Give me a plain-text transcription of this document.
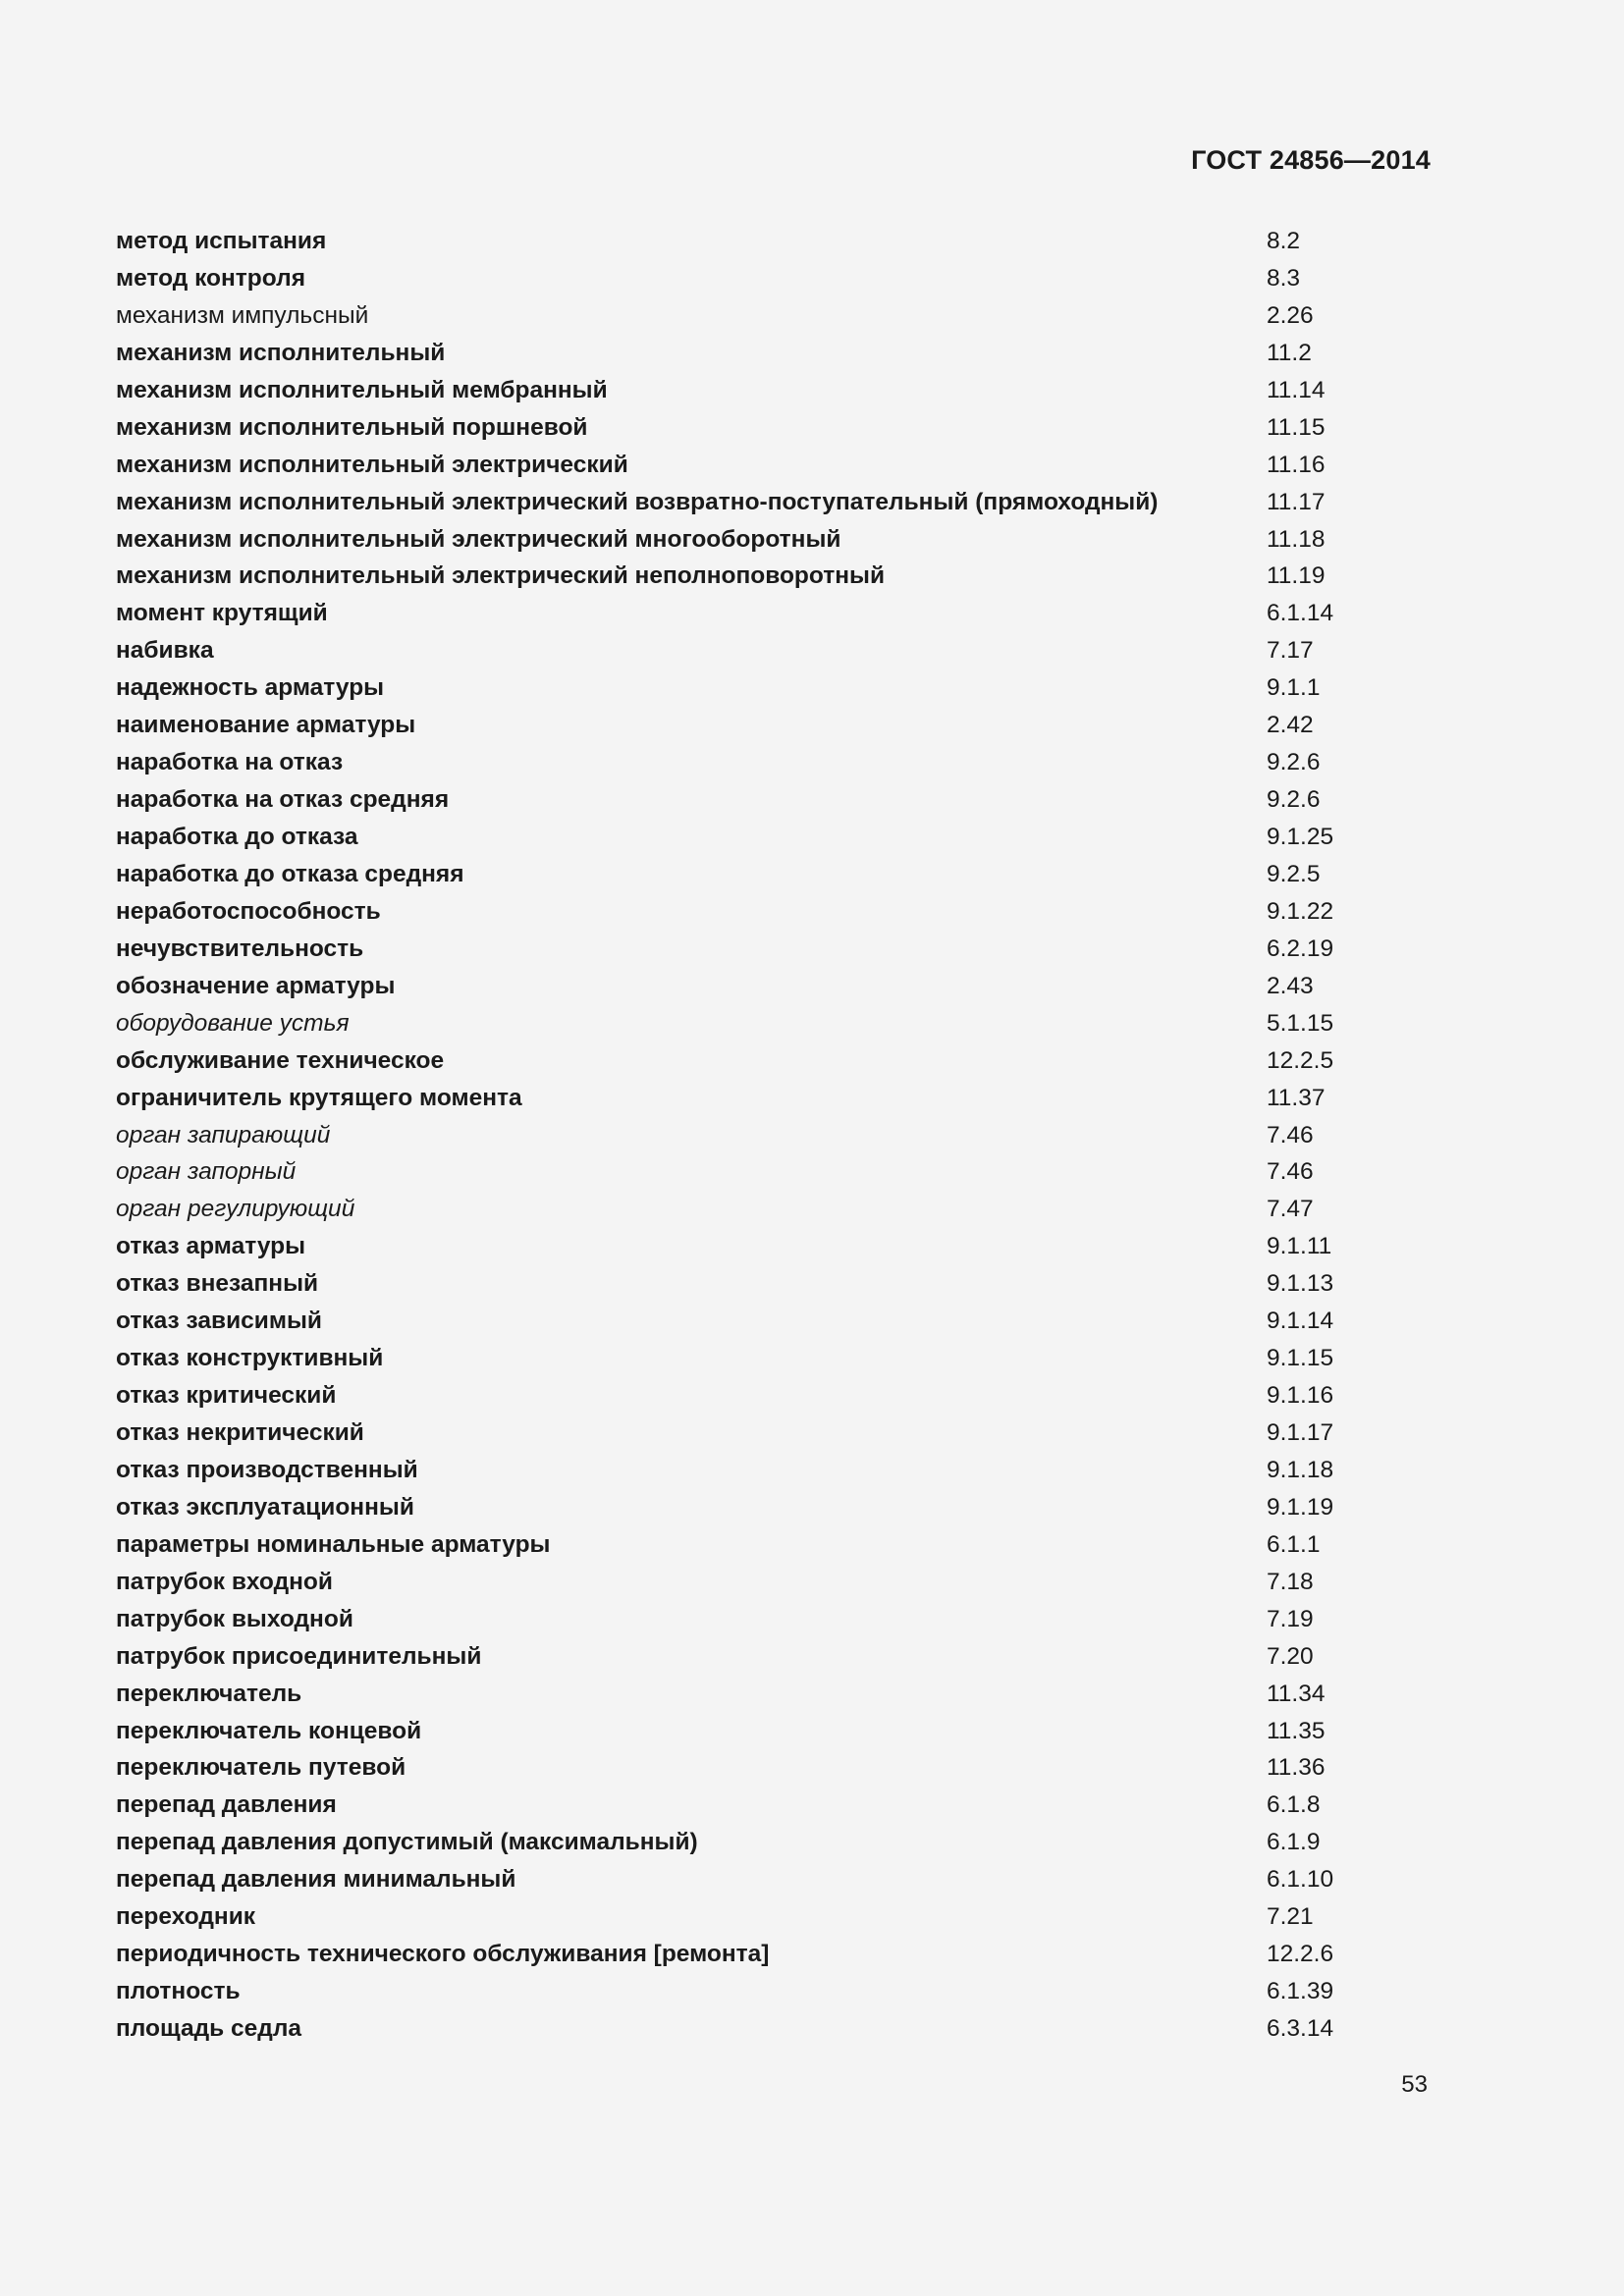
ГОСТ 24856—2014
метод испытания	8.2
метод контроля	8.3
механизм импульсный	2.26
механизм исполнительный	11.2
механизм исполнительный мембранный	11.14
механизм исполнительный поршневой	11.15
механизм исполнительный электрический	11.16
механизм исполнительный электрический возвратно-поступательный (прямоходный)	11.17
механизм исполнительный электрический многооборотный	11.18
механизм исполнительный электрический неполноповоротный	11.19
момент крутящий	6.1.14
набивка	7.17
надежность арматуры	9.1.1
наименование арматуры	2.42
наработка на отказ	9.2.6
наработка на отказ средняя	9.2.6
наработка до отказа	9.1.25
наработка до отказа средняя	9.2.5
неработоспособность	9.1.22
нечувствительность	6.2.19
обозначение арматуры	2.43
оборудование устья	5.1.15
обслуживание техническое	12.2.5
ограничитель крутящего момента	11.37
орган запирающий	7.46
орган запорный	7.46
орган регулирующий	7.47
отказ арматуры	9.1.11
отказ внезапный	9.1.13
отказ зависимый	9.1.14
отказ конструктивный	9.1.15
отказ критический	9.1.16
отказ некритический	9.1.17
отказ производственный	9.1.18
отказ эксплуатационный	9.1.19
параметры номинальные арматуры	6.1.1
патрубок входной	7.18
патрубок выходной	7.19
патрубок присоединительный	7.20
переключатель	11.34
переключатель концевой	11.35
переключатель путевой	11.36
перепад давления	6.1.8
перепад давления допустимый (максимальный)	6.1.9
перепад давления минимальный	6.1.10
переходник	7.21
периодичность технического обслуживания [ремонта]	12.2.6
плотность	6.1.39
площадь седла	6.3.14

53
